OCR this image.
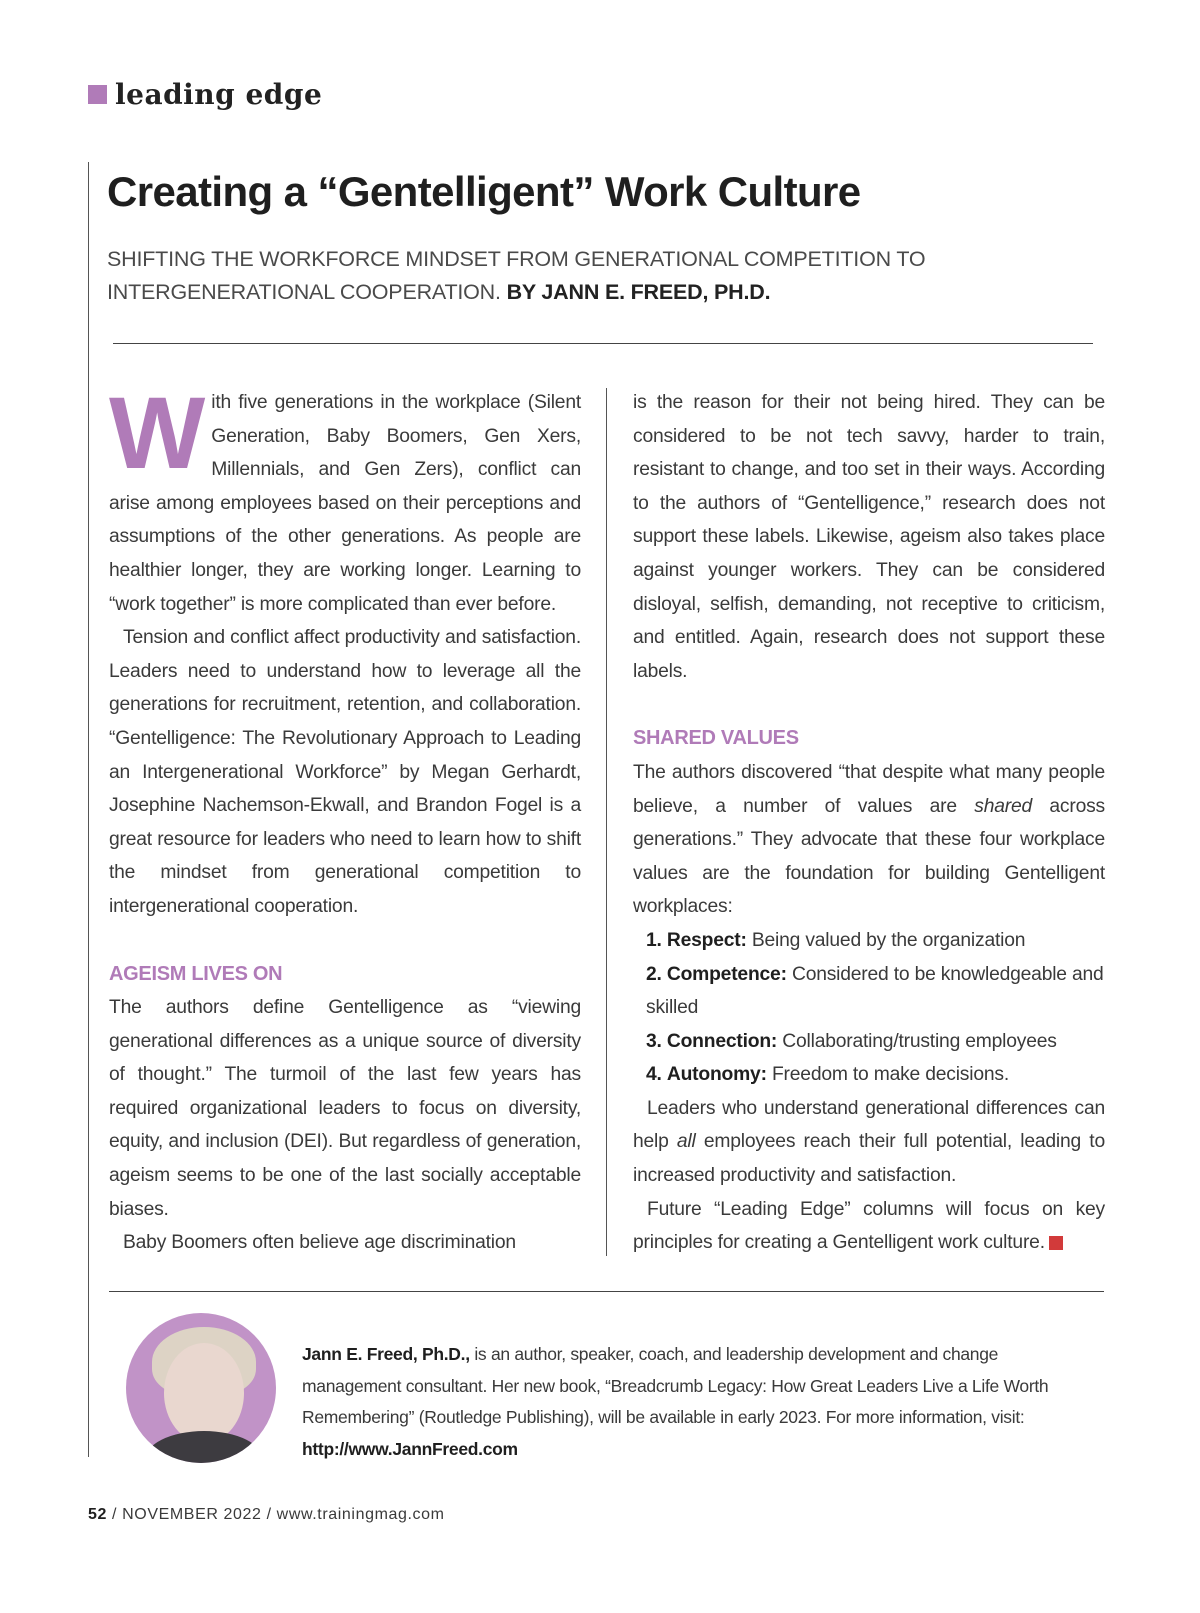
leading edge
Creating a “Gentelligent” Work Culture

SHIFTING THE WORKFORCE MINDSET FROM GENERATIONAL COMPETITION TO INTERGENERATIONAL COOPERATION. BY JANN E. FREED, PH.D.

With five generations in the workplace (Silent Generation, Baby Boomers, Gen Xers, Millennials, and Gen Zers), conflict can arise among employees based on their perceptions and assumptions of the other generations. As people are healthier longer, they are working longer. Learning to “work together” is more complicated than ever before.

Tension and conflict affect productivity and satisfaction. Leaders need to understand how to leverage all the generations for recruitment, retention, and collaboration. “Gentelligence: The Revolutionary Approach to Leading an Intergenerational Workforce” by Megan Gerhardt, Josephine Nachemson-Ekwall, and Brandon Fogel is a great resource for leaders who need to learn how to shift the mindset from generational competition to intergenerational cooperation.

AGEISM LIVES ON

The authors define Gentelligence as “viewing generational differences as a unique source of diversity of thought.” The turmoil of the last few years has required organizational leaders to focus on diversity, equity, and inclusion (DEI). But regardless of generation, ageism seems to be one of the last socially acceptable biases.

Baby Boomers often believe age discrimination

is the reason for their not being hired. They can be considered to be not tech savvy, harder to train, resistant to change, and too set in their ways. According to the authors of “Gentelligence,” research does not support these labels. Likewise, ageism also takes place against younger workers. They can be considered disloyal, selfish, demanding, not receptive to criticism, and entitled. Again, research does not support these labels.

SHARED VALUES

The authors discovered “that despite what many people believe, a number of values are shared across generations.” They advocate that these four workplace values are the foundation for building Gentelligent workplaces:

1. Respect: Being valued by the organization
2. Competence: Considered to be knowledgeable and skilled
3. Connection: Collaborating/trusting employees
4. Autonomy: Freedom to make decisions.

Leaders who understand generational differences can help all employees reach their full potential, leading to increased productivity and satisfaction.

Future “Leading Edge” columns will focus on key principles for creating a Gentelligent work culture.

Jann E. Freed, Ph.D., is an author, speaker, coach, and leadership development and change management consultant. Her new book, “Breadcrumb Legacy: How Great Leaders Live a Life Worth Remembering” (Routledge Publishing), will be available in early 2023. For more information, visit: http://www.JannFreed.com

52 / NOVEMBER 2022 / www.trainingmag.com
